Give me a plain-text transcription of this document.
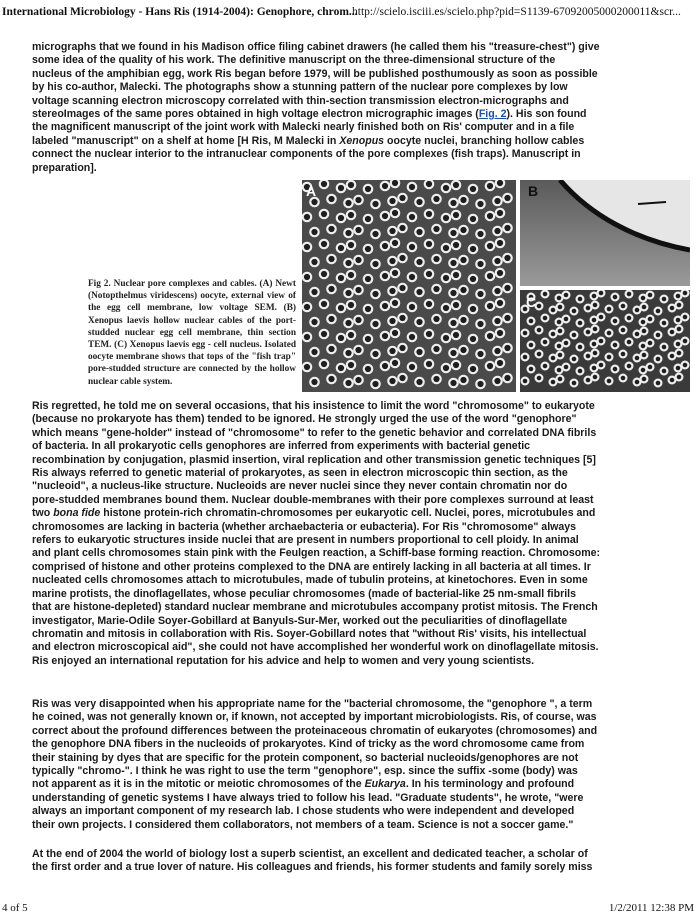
International Microbiology - Hans Ris (1914-2004): Genophore, chrom...
http://scielo.isciii.es/scielo.php?pid=S1139-67092005000200011&scr...
micrographs that we found in his Madison office filing cabinet drawers (he called them his "treasure-chest") give
some idea of the quality of his work. The definitive manuscript on the three-dimensional structure of the
nucleus of the amphibian egg, work Ris began before 1979, will be published posthumously as soon as possible
by his co-author, Malecki. The photographs show a stunning pattern of the nuclear pore complexes by low
voltage scanning electron microscopy correlated with thin-section transmission electron-micrographs and
stereoImages of the same pores obtained in high voltage electron micrographic images (Fig. 2). His son found
the magnificent manuscript of the joint work with Malecki nearly finished both on Ris' computer and in a file
labeled "manuscript" on a shelf at home [H Ris, M Malecki in Xenopus oocyte nuclei, branching hollow cables
connect the nuclear interior to the intranuclear components of the pore complexes (fish traps). Manuscript in
preparation].
Fig 2. Nuclear pore complexes and cables. (A) Newt (Notopthelmus viridescens) oocyte, external view of the egg cell membrane, low voltage SEM. (B) Xenopus laevis hollow nuclear cables of the port-studded nuclear egg cell membrane, thin section TEM. (C) Xenopus laevis egg - cell nucleus. Isolated oocyte membrane shows that tops of the "fish trap" pore-studded structure are connected by the hollow nuclear cable system.
A	B
C
Ris regretted, he told me on several occasions, that his insistence to limit the word "chromosome" to eukaryote
(because no prokaryote has them) tended to be ignored. He strongly urged the use of the word "genophore"
which means "gene-holder" instead of "chromosome" to refer to the genetic behavior and correlated DNA fibrils
of bacteria. In all prokaryotic cells genophores are inferred from experiments with bacterial genetic
recombination by conjugation, plasmid insertion, viral replication and other transmission genetic techniques [5]
Ris always referred to genetic material of prokaryotes, as seen in electron microscopic thin section, as the
"nucleoid", a nucleus-like structure. Nucleoids are never nuclei since they never contain chromatin nor do
pore-studded membranes bound them. Nuclear double-membranes with their pore complexes surround at least
two bona fide histone protein-rich chromatin-chromosomes per eukaryotic cell. Nuclei, pores, microtubules and
chromosomes are lacking in bacteria (whether archaebacteria or eubacteria). For Ris "chromosome" always
refers to eukaryotic structures inside nuclei that are present in numbers proportional to cell ploidy. In animal
and plant cells chromosomes stain pink with the Feulgen reaction, a Schiff-base forming reaction. Chromosome:
comprised of histone and other proteins complexed to the DNA are entirely lacking in all bacteria at all times. Ir
nucleated cells chromosomes attach to microtubules, made of tubulin proteins, at kinetochores. Even in some
marine protists, the dinoflagellates, whose peculiar chromosomes (made of bacterial-like 25 nm-small fibrils
that are histone-depleted) standard nuclear membrane and microtubules accompany protist mitosis. The French
investigator, Marie-Odile Soyer-Gobillard at Banyuls-Sur-Mer, worked out the peculiarities of dinoflagellate
chromatin and mitosis in collaboration with Ris. Soyer-Gobillard notes that "without Ris' visits, his intellectual
and electron microscopical aid", she could not have accomplished her wonderful work on dinoflagellate mitosis.
Ris enjoyed an international reputation for his advice and help to women and very young scientists.
Ris was very disappointed when his appropriate name for the "bacterial chromosome, the "genophore ", a term
he coined, was not generally known or, if known, not accepted by important microbiologists. Ris, of course, was
correct about the profound differences between the proteinaceous chromatin of eukaryotes (chromosomes) and
the genophore DNA fibers in the nucleoids of prokaryotes. Kind of tricky as the word chromosome came from
their staining by dyes that are specific for the protein component, so bacterial nucleoids/genophores are not
typically "chromo-". I think he was right to use the term "genophore", esp. since the suffix -some (body) was
not apparent as it is in the mitotic or meiotic chromosomes of the Eukarya. In his terminology and profound
understanding of genetic systems I have always tried to follow his lead. "Graduate students", he wrote, "were
always an important component of my research lab. I chose students who were independent and developed
their own projects. I considered them collaborators, not members of a team. Science is not a soccer game."
At the end of 2004 the world of biology lost a superb scientist, an excellent and dedicated teacher, a scholar of
the first order and a true lover of nature. His colleagues and friends, his former students and family sorely miss
4 of 5	1/2/2011 12:38 PM
